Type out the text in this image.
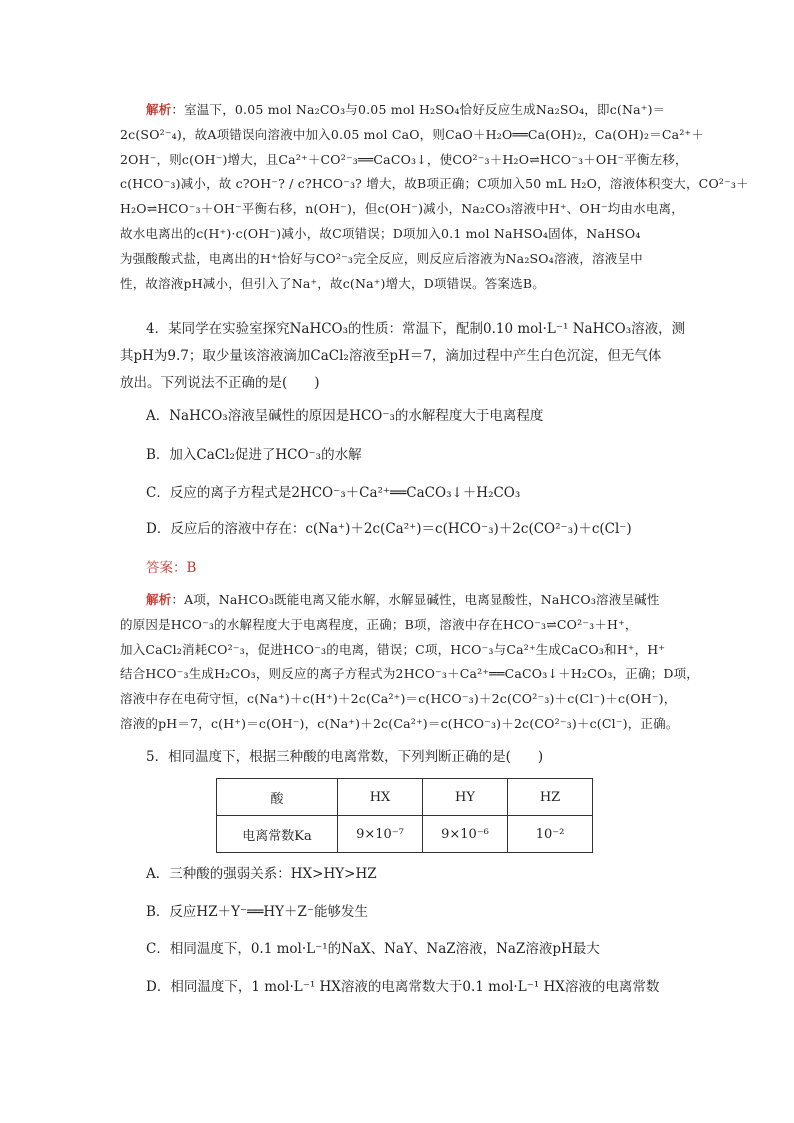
解析：室温下，0.05 mol Na₂CO₃与0.05 mol H₂SO₄恰好反应生成Na₂SO₄，即c(Na⁺)＝
2c(SO²⁻₄)，故A项错误向溶液中加入0.05 mol CaO，则CaO＋H₂O══Ca(OH)₂，Ca(OH)₂＝Ca²⁺＋
2OH⁻，则c(OH⁻)增大，且Ca²⁺＋CO²⁻₃══CaCO₃↓，使CO²⁻₃＋H₂O⇌HCO⁻₃＋OH⁻平衡左移，
c(HCO⁻₃)减小，故 c?OH⁻? / c?HCO⁻₃? 增大，故B项正确；C项加入50 mL H₂O，溶液体积变大，CO²⁻₃＋
H₂O⇌HCO⁻₃＋OH⁻平衡右移，n(OH⁻)，但c(OH⁻)减小，Na₂CO₃溶液中H⁺、OH⁻均由水电离，
故水电离出的c(H⁺)·c(OH⁻)减小，故C项错误；D项加入0.1 mol NaHSO₄固体，NaHSO₄
为强酸酸式盐，电离出的H⁺恰好与CO²⁻₃完全反应，则反应后溶液为Na₂SO₄溶液，溶液呈中
性，故溶液pH减小，但引入了Na⁺，故c(Na⁺)增大，D项错误。答案选B。
4．某同学在实验室探究NaHCO₃的性质：常温下，配制0.10 mol·L⁻¹ NaHCO₃溶液，测
其pH为9.7；取少量该溶液滴加CaCl₂溶液至pH＝7，滴加过程中产生白色沉淀，但无气体
放出。下列说法不正确的是(　　)
A．NaHCO₃溶液呈碱性的原因是HCO⁻₃的水解程度大于电离程度
B．加入CaCl₂促进了HCO⁻₃的水解
C．反应的离子方程式是2HCO⁻₃＋Ca²⁺══CaCO₃↓＋H₂CO₃
D．反应后的溶液中存在：c(Na⁺)＋2c(Ca²⁺)＝c(HCO⁻₃)＋2c(CO²⁻₃)＋c(Cl⁻)
答案：B
解析：A项，NaHCO₃既能电离又能水解，水解显碱性，电离显酸性，NaHCO₃溶液呈碱性
的原因是HCO⁻₃的水解程度大于电离程度，正确；B项，溶液中存在HCO⁻₃⇌CO²⁻₃＋H⁺，
加入CaCl₂消耗CO²⁻₃，促进HCO⁻₃的电离，错误；C项，HCO⁻₃与Ca²⁺生成CaCO₃和H⁺，H⁺
结合HCO⁻₃生成H₂CO₃，则反应的离子方程式为2HCO⁻₃＋Ca²⁺══CaCO₃↓＋H₂CO₃，正确；D项，
溶液中存在电荷守恒，c(Na⁺)＋c(H⁺)＋2c(Ca²⁺)＝c(HCO⁻₃)＋2c(CO²⁻₃)＋c(Cl⁻)＋c(OH⁻)，
溶液的pH＝7，c(H⁺)＝c(OH⁻)，c(Na⁺)＋2c(Ca²⁺)＝c(HCO⁻₃)＋2c(CO²⁻₃)＋c(Cl⁻)，正确。
5．相同温度下，根据三种酸的电离常数，下列判断正确的是(　　)
酸	HX	HY	HZ
电离常数Ka	9×10⁻⁷	9×10⁻⁶	10⁻²
A．三种酸的强弱关系：HX>HY>HZ
B．反应HZ＋Y⁻══HY＋Z⁻能够发生
C．相同温度下，0.1 mol·L⁻¹的NaX、NaY、NaZ溶液，NaZ溶液pH最大
D．相同温度下，1 mol·L⁻¹ HX溶液的电离常数大于0.1 mol·L⁻¹ HX溶液的电离常数
